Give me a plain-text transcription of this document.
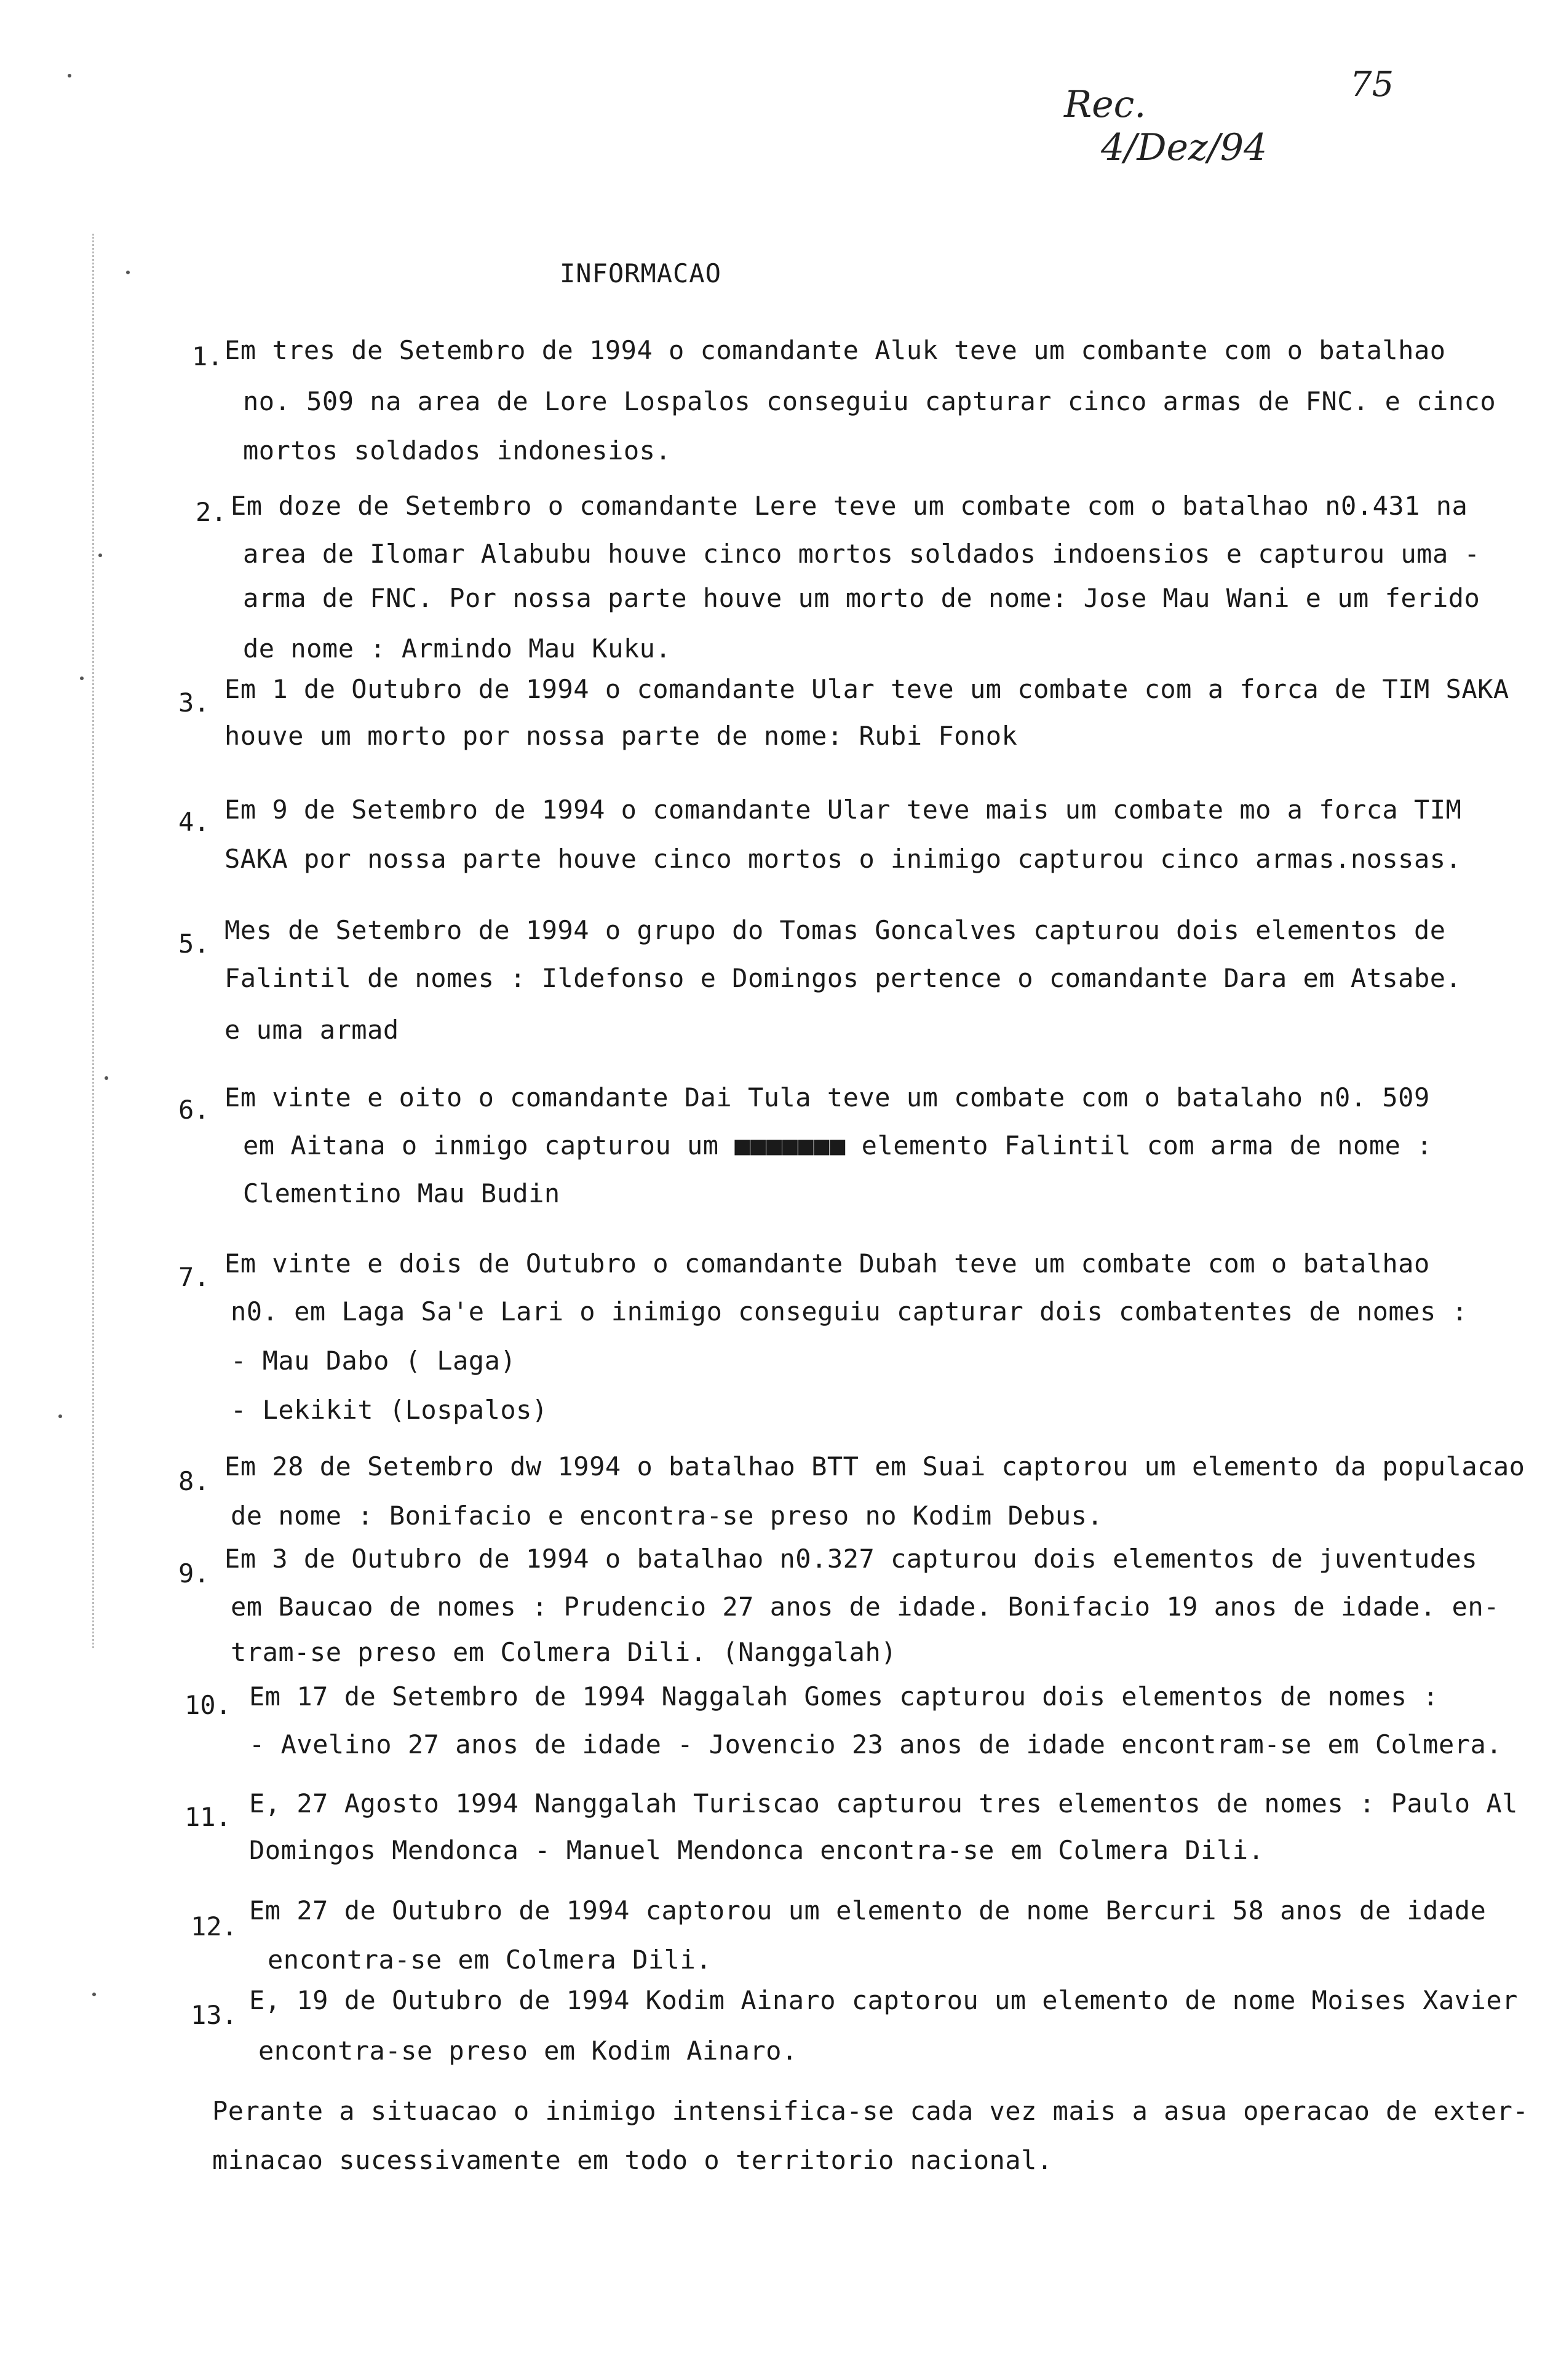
75
Rec.
4/Dez/94
INFORMACAO
1. Em tres de Setembro de 1994 o comandante Aluk teve um combante com o batalhao
no. 509 na area de Lore Lospalos conseguiu capturar cinco armas de FNC. e cinco
mortos soldados indonesios.
2. Em doze de Setembro o comandante Lere teve um combate com o batalhao n0.431 na
area de Ilomar Alabubu houve cinco mortos soldados indoensios e capturou uma -
arma de FNC. Por nossa parte houve um morto de nome: Jose Mau Wani e um ferido
de nome : Armindo Mau Kuku.
3. Em 1 de Outubro de 1994 o comandante Ular teve um combate com a forca de TIM SAKA
houve um morto por nossa parte de nome: Rubi Fonok
4. Em 9 de Setembro de 1994 o comandante Ular teve mais um combate mo a forca TIM
SAKA por nossa parte houve cinco mortos o inimigo capturou cinco armas.nossas.
5. Mes de Setembro de 1994 o grupo do Tomas Goncalves capturou dois elementos de
Falintil de nomes : Ildefonso e Domingos pertence o comandante Dara em Atsabe.
e uma armad
6. Em vinte e oito o comandante Dai Tula teve um combate com o batalaho n0. 509
em Aitana o inmigo capturou um ■■■■■■■ elemento Falintil com arma de nome :
Clementino Mau Budin
7. Em vinte e dois de Outubro o comandante Dubah teve um combate com o batalhao
n0. em Laga Sa'e Lari o inimigo conseguiu capturar dois combatentes de nomes :
- Mau Dabo ( Laga)
- Lekikit (Lospalos)
8. Em 28 de Setembro dw 1994 o batalhao BTT em Suai captorou um elemento da populacao
de nome : Bonifacio e encontra-se preso no Kodim Debus.
9. Em 3 de Outubro de 1994 o batalhao n0.327 capturou dois elementos de juventudes
em Baucao de nomes : Prudencio 27 anos de idade. Bonifacio 19 anos de idade. en-
tram-se preso em Colmera Dili. (Nanggalah)
10. Em 17 de Setembro de 1994 Naggalah Gomes capturou dois elementos de nomes :
- Avelino 27 anos de idade - Jovencio 23 anos de idade encontram-se em Colmera.
11. E, 27 Agosto 1994 Nanggalah Turiscao capturou tres elementos de nomes : Paulo Al
Domingos Mendonca - Manuel Mendonca encontra-se em Colmera Dili.
12.
Em 27 de Outubro de 1994 captorou um elemento de nome Bercuri 58 anos de idade
encontra-se em Colmera Dili.
13. E, 19 de Outubro de 1994 Kodim Ainaro captorou um elemento de nome Moises Xavier
encontra-se preso em Kodim Ainaro.
Perante a situacao o inimigo intensifica-se cada vez mais a asua operacao de exter-
minacao sucessivamente em todo o territorio nacional.
